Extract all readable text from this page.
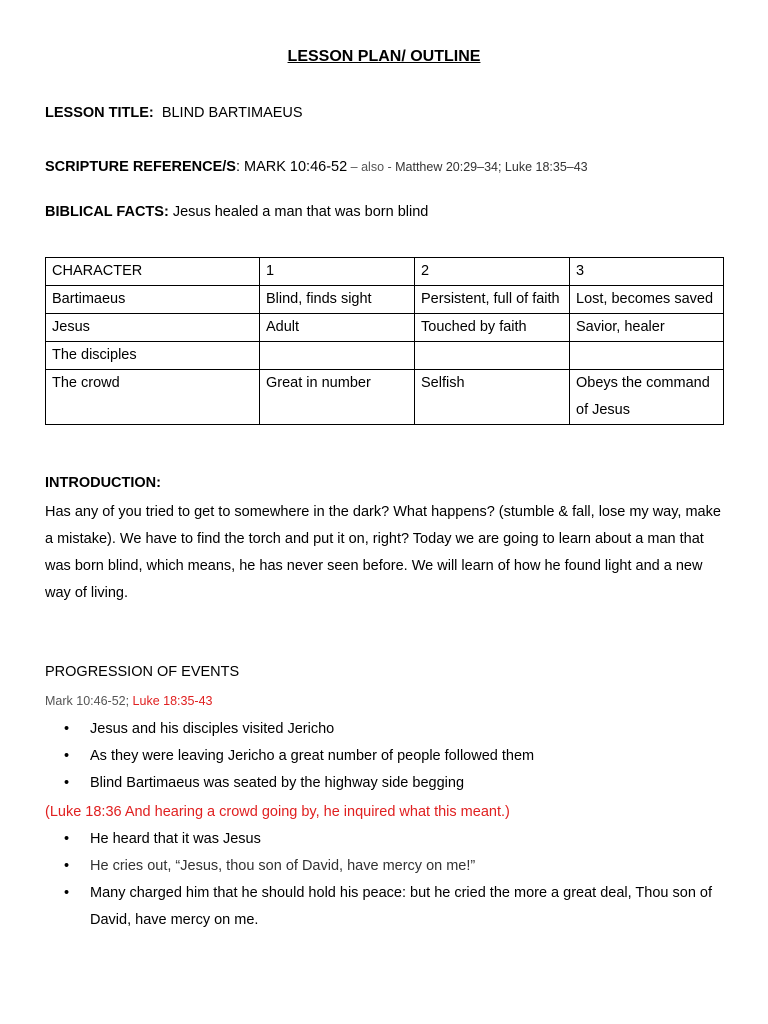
LESSON PLAN/ OUTLINE
LESSON TITLE: BLIND BARTIMAEUS
SCRIPTURE REFERENCE/S: MARK 10:46-52 – also - Matthew 20:29–34; Luke 18:35–43
BIBLICAL FACTS: Jesus healed a man that was born blind
CHARACTER	1	2	3
Bartimaeus	Blind, finds sight	Persistent, full of faith	Lost, becomes saved
Jesus	Adult	Touched by faith	Savior, healer
The disciples			
The crowd	Great in number	Selfish	Obeys the command of Jesus
INTRODUCTION:
Has any of you tried to get to somewhere in the dark? What happens? (stumble & fall, lose my way, make a mistake). We have to find the torch and put it on, right? Today we are going to learn about a man that was born blind, which means, he has never seen before. We will learn of how he found light and a new way of living.
PROGRESSION OF EVENTS
Mark 10:46-52; Luke 18:35-43
• Jesus and his disciples visited Jericho
• As they were leaving Jericho a great number of people followed them
• Blind Bartimaeus was seated by the highway side begging
(Luke 18:36 And hearing a crowd going by, he inquired what this meant.)
• He heard that it was Jesus
• He cries out, “Jesus, thou son of David, have mercy on me!”
• Many charged him that he should hold his peace: but he cried the more a great deal, Thou son of David, have mercy on me.
